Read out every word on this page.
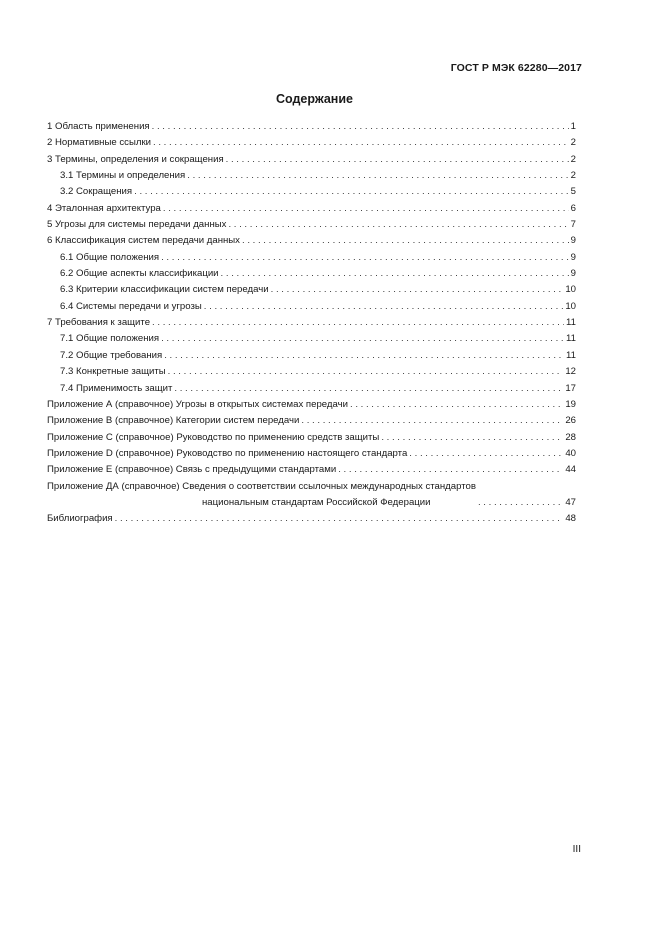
ГОСТ Р МЭК 62280—2017
Содержание
1 Область применения . . .	1
2 Нормативные ссылки . . .	2
3 Термины, определения и сокращения . . .	2
3.1 Термины и определения . . .	2
3.2 Сокращения . . .	5
4 Эталонная архитектура . . .	6
5 Угрозы для системы передачи данных . . .	7
6 Классификация систем передачи данных . . .	9
6.1 Общие положения . . .	9
6.2 Общие аспекты классификации . . .	9
6.3 Критерии классификации систем передачи . . .	10
6.4 Системы передачи и угрозы . . .	10
7 Требования к защите . . .	11
7.1 Общие положения . . .	11
7.2 Общие требования . . .	11
7.3 Конкретные защиты . . .	12
7.4 Применимость защит . . .	17
Приложение А (справочное) Угрозы в открытых системах передачи . . .	19
Приложение В (справочное) Категории систем передачи . . .	26
Приложение С (справочное) Руководство по применению средств защиты . . .	28
Приложение D (справочное) Руководство по применению настоящего стандарта . . .	40
Приложение Е (справочное) Связь с предыдущими стандартами . . .	44
Приложение ДА (справочное) Сведения о соответствии ссылочных международных стандартов
национальным стандартам Российской Федерации . . .	47
Библиография . . .	48
III
